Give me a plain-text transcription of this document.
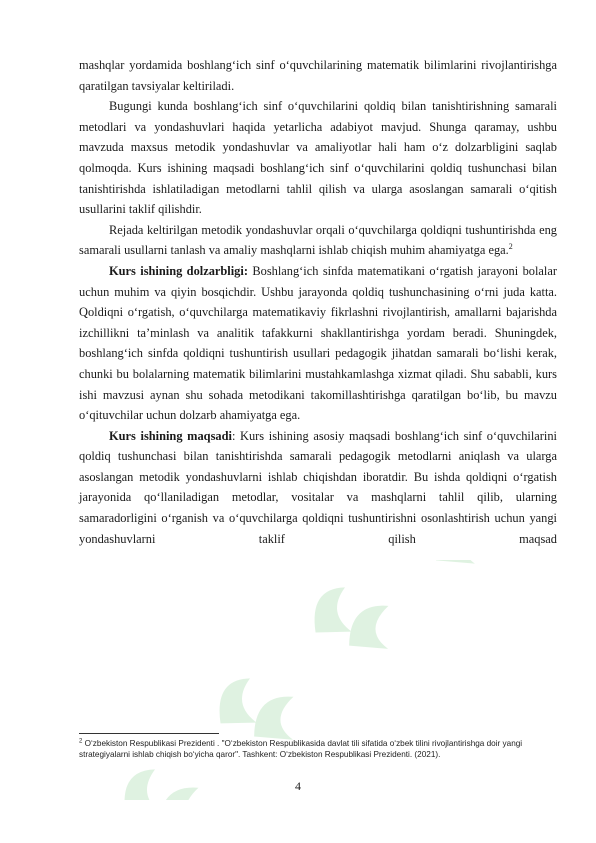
mashqlar yordamida boshlang‘ich sinf o‘quvchilarining matematik bilimlarini rivojlantirishga qaratilgan tavsiyalar keltiriladi.

Bugungi kunda boshlang‘ich sinf o‘quvchilarini qoldiq bilan tanishtirishning samarali metodlari va yondashuvlari haqida yetarlicha adabiyot mavjud. Shunga qaramay, ushbu mavzuda maxsus metodik yondashuvlar va amaliyotlar hali ham o‘z dolzarbligini saqlab qolmoqda. Kurs ishining maqsadi boshlang‘ich sinf o‘quvchilarini qoldiq tushunchasi bilan tanishtirishda ishlatiladigan metodlarni tahlil qilish va ularga asoslangan samarali o‘qitish usullarini taklif qilishdir.

Rejada keltirilgan metodik yondashuvlar orqali o‘quvchilarga qoldiqni tushuntirishda eng samarali usullarni tanlash va amaliy mashqlarni ishlab chiqish muhim ahamiyatga ega.$^2$

Kurs ishining dolzarbligi: Boshlang‘ich sinfda matematikani o‘rgatish jarayoni bolalar uchun muhim va qiyin bosqichdir. Ushbu jarayonda qoldiq tushunchasining o‘rni juda katta. Qoldiqni o‘rgatish, o‘quvchilarga matematikaviy fikrlashni rivojlantirish, amallarni bajarishda izchillikni ta’minlash va analitik tafakkurni shakllantirishga yordam beradi. Shuningdek, boshlang‘ich sinfda qoldiqni tushuntirish usullari pedagogik jihatdan samarali bo‘lishi kerak, chunki bu bolalarning matematik bilimlarini mustahkamlashga xizmat qiladi. Shu sababli, kurs ishi mavzusi aynan shu sohada metodikani takomillashtirishga qaratilgan bo‘lib, bu mavzu o‘qituvchilar uchun dolzarb ahamiyatga ega.

Kurs ishining maqsadi: Kurs ishining asosiy maqsadi boshlang‘ich sinf o‘quvchilarini qoldiq tushunchasi bilan tanishtirishda samarali pedagogik metodlarni aniqlash va ularga asoslangan metodik yondashuvlarni ishlab chiqishdan iboratdir. Bu ishda qoldiqni o‘rgatish jarayonida qo‘llaniladigan metodlar, vositalar va mashqlarni tahlil qilib, ularning samaradorligini o‘rganish va o‘quvchilarga qoldiqni tushuntirishni osonlashtirish uchun yangi yondashuvlarni taklif qilish maqsad

$^2$ O‘zbekiston Respublikasi Prezidenti . "O‘zbekiston Respublikasida davlat tili sifatida o‘zbek tilini rivojlantirishga doir yangi strategiyalarni ishlab chiqish bo‘yicha qaror". Tashkent: O‘zbekiston Respublikasi Prezidenti. (2021).
4
